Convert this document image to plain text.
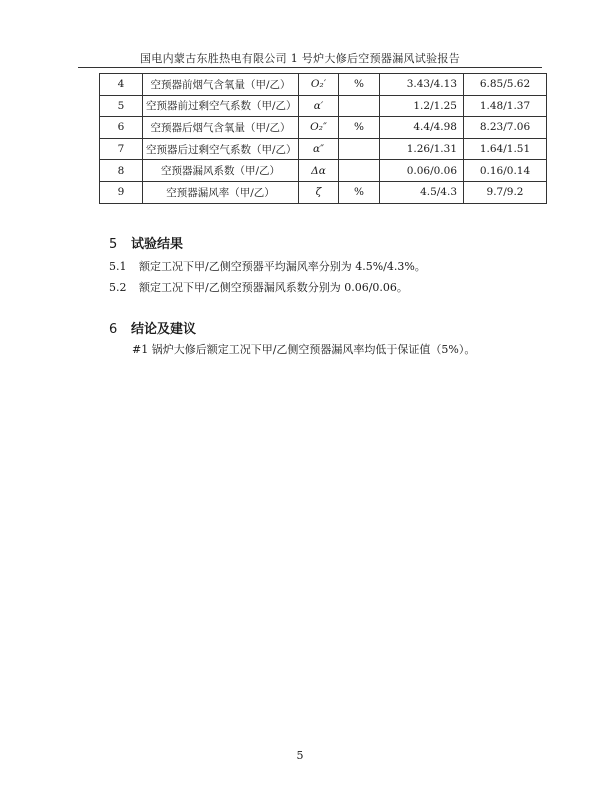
国电内蒙古东胜热电有限公司 1 号炉大修后空预器漏风试验报告
4	空预器前烟气含氧量（甲/乙）	O₂′	%	3.43/4.13	6.85/5.62
5	空预器前过剩空气系数（甲/乙）	α′		1.2/1.25	1.48/1.37
6	空预器后烟气含氧量（甲/乙）	O₂″	%	4.4/4.98	8.23/7.06
7	空预器后过剩空气系数（甲/乙）	α″		1.26/1.31	1.64/1.51
8	空预器漏风系数（甲/乙）	Δα		0.06/0.06	0.16/0.14
9	空预器漏风率（甲/乙）	ζ	%	4.5/4.3	9.7/9.2
5 试验结果
5.1 额定工况下甲/乙侧空预器平均漏风率分别为 4.5%/4.3%。
5.2 额定工况下甲/乙侧空预器漏风系数分别为 0.06/0.06。
6 结论及建议
#1 锅炉大修后额定工况下甲/乙侧空预器漏风率均低于保证值（5%）。
5
